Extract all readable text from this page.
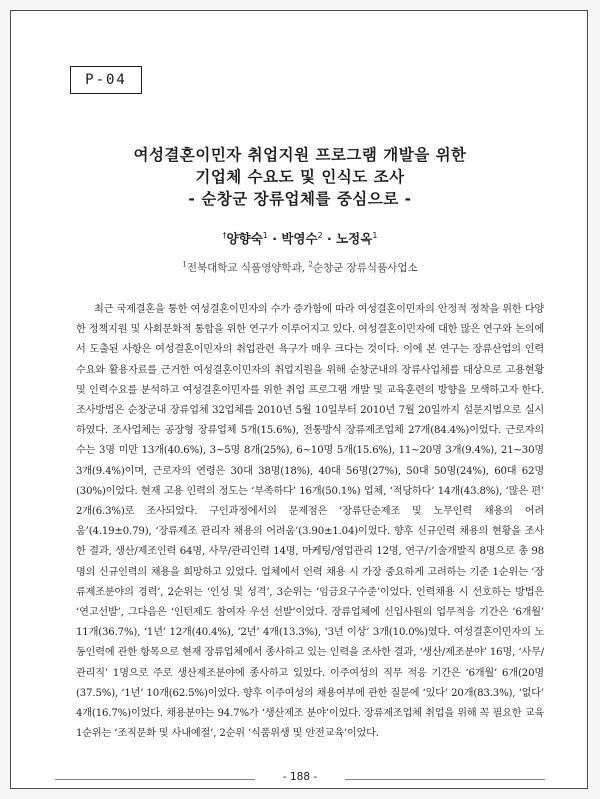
P-04
여성결혼이민자 취업지원 프로그램 개발을 위한
기업체 수요도 및 인식도 조사
- 순창군 장류업체를 중심으로 -
†양향숙$^1$ · 박영수$^2$ · 노정옥$^1$
$^1$전북대학교 식품영양학과, $^2$순창군 장류식품사업소

최근 국제결혼을 통한 여성결혼이민자의 수가 증가함에 따라 여성결혼이민자의 안정적 정착을 위한 다양한 정책지원 및 사회문화적 통합을 위한 연구가 이루어지고 있다. 여성결혼이민자에 대한 많은 연구와 논의에서 도출된 사항은 여성결혼이민자의 취업관련 욕구가 매우 크다는 것이다. 이에 본 연구는 장류산업의 인력 수요와 활용자료를 근거한 여성결혼이민자의 취업지원을 위해 순창군내의 장류사업체를 대상으로 고용현황 및 인력수요를 분석하고 여성결혼이민자를 위한 취업 프로그램 개발 및 교육훈련의 방향을 모색하고자 한다. 조사방법은 순창군내 장류업체 32업체를 2010년 5월 10일부터 2010년 7월 20일까지 설문지법으로 실시하였다. 조사업체는 공장형 장류업체 5개(15.6%), 전통방식 장류제조업체 27개(84.4%)이었다. 근로자의 수는 3명 미만 13개(40.6%), 3~5명 8개(25%), 6~10명 5개(15.6%), 11~20명 3개(9.4%), 21~30명 3개(9.4%)이며, 근로자의 연령은 30대 38명(18%), 40대 56명(27%), 50대 50명(24%), 60대 62명(30%)이었다. 현재 고용 인력의 정도는 ‘부족하다’ 16개(50.1%) 업체, ‘적당하다’ 14개(43.8%), ‘많은 편’ 2개(6.3%)로 조사되었다. 구인과정에서의 문제점은 ‘장류단순제조 및 노무인력 채용의 어려움’(4.19±0.79), ‘장류제조 관리자 채용의 어려움’(3.90±1.04)이었다. 향후 신규인력 채용의 현황을 조사한 결과, 생산/제조인력 64명, 사무/관리인력 14명, 마케팅/영업관리 12명, 연구/기술개발직 8명으로 총 98명의 신규인력의 채용을 희망하고 있었다. 업체에서 인력 채용 시 가장 중요하게 고려하는 기준 1순위는 ‘장류제조분야의 경력’, 2순위는 ‘인성 및 성격’, 3순위는 ‘임금요구수준’이었다. 인력채용 시 선호하는 방법은 ‘연고선발’, 그다음은 ‘인턴제도 참여자 우선 선발’이었다. 장류업체에 신입사원의 업무적응 기간은 ‘6개월’ 11개(36.7%), ‘1년’ 12개(40.4%), ‘2년’ 4개(13.3%), ‘3년 이상’ 3개(10.0%)였다. 여성결혼이민자의 노동인력에 관한 항목으로 현재 장류업체에서 종사하고 있는 인력을 조사한 결과, ‘생산/제조분야’ 16명, ‘사무/관리직’ 1명으로 주로 생산제조분야에 종사하고 있었다. 이주여성의 직무 적응 기간은 ‘6개월’ 6개(20명(37.5%), ‘1년’ 10개(62.5%)이었다. 향후 이주여성의 채용여부에 관한 질문에 ‘있다’ 20개(83.3%), ‘없다’ 4개(16.7%)이었다. 채용분야는 94.7%가 ‘생산제조 분야’이었다. 장류제조업체 취업을 위해 꼭 필요한 교육 1순위는 ‘조직문화 및 사내예절’, 2순위 ‘식품위생 및 안전교육’이었다.

- 188 -
